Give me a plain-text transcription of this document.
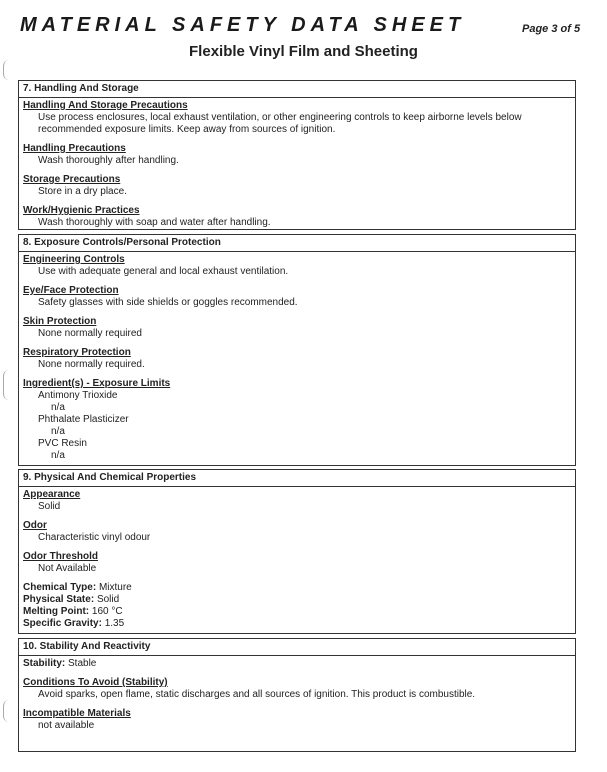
MATERIAL SAFETY DATA SHEET	Page 3 of 5
Flexible Vinyl Film and Sheeting
7. Handling And Storage
Handling And Storage Precautions
Use process enclosures, local exhaust ventilation, or other engineering controls to keep airborne levels below recommended exposure limits. Keep away from sources of ignition.
Handling Precautions
Wash thoroughly after handling.
Storage Precautions
Store in a dry place.
Work/Hygienic Practices
Wash thoroughly with soap and water after handling.
8. Exposure Controls/Personal Protection
Engineering Controls
Use with adequate general and local exhaust ventilation.
Eye/Face Protection
Safety glasses with side shields or goggles recommended.
Skin Protection
None normally required
Respiratory Protection
None normally required.
Ingredient(s) - Exposure Limits
Antimony Trioxide
n/a
Phthalate Plasticizer
n/a
PVC Resin
n/a
9. Physical And Chemical Properties
Appearance
Solid
Odor
Characteristic vinyl odour
Odor Threshold
Not Available
Chemical Type: Mixture
Physical State: Solid
Melting Point: 160 °C
Specific Gravity: 1.35
10. Stability And Reactivity
Stability: Stable
Conditions To Avoid (Stability)
Avoid sparks, open flame, static discharges and all sources of ignition. This product is combustible.
Incompatible Materials
not available
